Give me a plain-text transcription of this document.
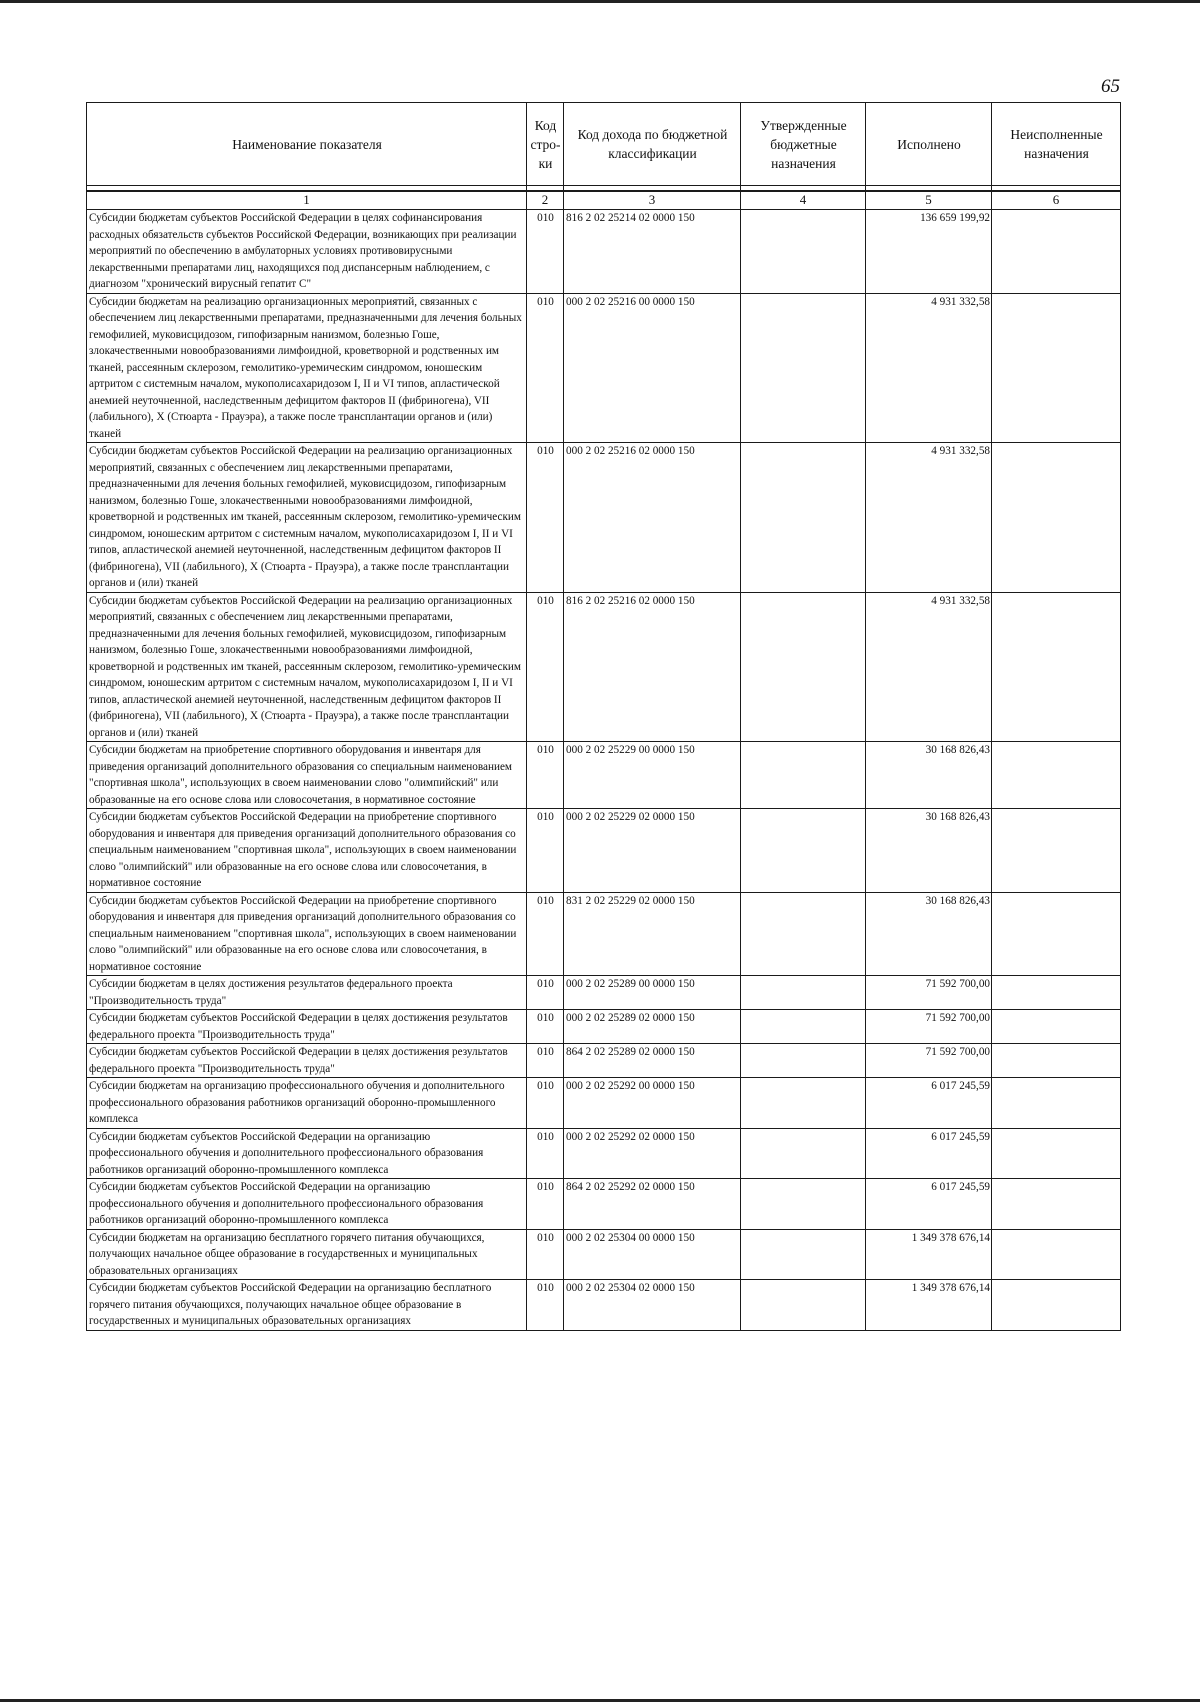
65
Наименование показателя	Код стро- ки	Код дохода по бюджетной классификации	Утвержденные бюджетные назначения	Исполнено	Неисполненные назначения

1	2	3	4	5	6
Субсидии бюджетам субъектов Российской Федерации в целях софинансирования расходных обязательств субъектов Российской Федерации, возникающих при реализации мероприятий по обеспечению в амбулаторных условиях противовирусными лекарственными препаратами лиц, находящихся под диспансерным наблюдением, с диагнозом "хронический вирусный гепатит С"	010	816 2 02 25214 02 0000 150		136 659 199,92	
Субсидии бюджетам на реализацию организационных мероприятий, связанных с обеспечением лиц лекарственными препаратами, предназначенными для лечения больных гемофилией, муковисцидозом, гипофизарным нанизмом, болезнью Гоше, злокачественными новообразованиями лимфоидной, кроветворной и родственных им тканей, рассеянным склерозом, гемолитико-уремическим синдромом, юношеским артритом с системным началом, мукополисахаридозом I, II и VI типов, апластической анемией неуточненной, наследственным дефицитом факторов II (фибриногена), VII (лабильного), X (Стюарта - Прауэра), а также после трансплантации органов и (или) тканей	010	000 2 02 25216 00 0000 150		4 931 332,58	
Субсидии бюджетам субъектов Российской Федерации на реализацию организационных мероприятий, связанных с обеспечением лиц лекарственными препаратами, предназначенными для лечения больных гемофилией, муковисцидозом, гипофизарным нанизмом, болезнью Гоше, злокачественными новообразованиями лимфоидной, кроветворной и родственных им тканей, рассеянным склерозом, гемолитико-уремическим синдромом, юношеским артритом с системным началом, мукополисахаридозом I, II и VI типов, апластической анемией неуточненной, наследственным дефицитом факторов II (фибриногена), VII (лабильного), X (Стюарта - Прауэра), а также после трансплантации органов и (или) тканей	010	000 2 02 25216 02 0000 150		4 931 332,58	
Субсидии бюджетам субъектов Российской Федерации на реализацию организационных мероприятий, связанных с обеспечением лиц лекарственными препаратами, предназначенными для лечения больных гемофилией, муковисцидозом, гипофизарным нанизмом, болезнью Гоше, злокачественными новообразованиями лимфоидной, кроветворной и родственных им тканей, рассеянным склерозом, гемолитико-уремическим синдромом, юношеским артритом с системным началом, мукополисахаридозом I, II и VI типов, апластической анемией неуточненной, наследственным дефицитом факторов II (фибриногена), VII (лабильного), X (Стюарта - Прауэра), а также после трансплантации органов и (или) тканей	010	816 2 02 25216 02 0000 150		4 931 332,58	
Субсидии бюджетам на приобретение спортивного оборудования и инвентаря для приведения организаций дополнительного образования со специальным наименованием "спортивная школа", использующих в своем наименовании слово "олимпийский" или образованные на его основе слова или словосочетания, в нормативное состояние	010	000 2 02 25229 00 0000 150		30 168 826,43	
Субсидии бюджетам субъектов Российской Федерации на приобретение спортивного оборудования и инвентаря для приведения организаций дополнительного образования со специальным наименованием "спортивная школа", использующих в своем наименовании слово "олимпийский" или образованные на его основе слова или словосочетания, в нормативное состояние	010	000 2 02 25229 02 0000 150		30 168 826,43	
Субсидии бюджетам субъектов Российской Федерации на приобретение спортивного оборудования и инвентаря для приведения организаций дополнительного образования со специальным наименованием "спортивная школа", использующих в своем наименовании слово "олимпийский" или образованные на его основе слова или словосочетания, в нормативное состояние	010	831 2 02 25229 02 0000 150		30 168 826,43	
Субсидии бюджетам в целях достижения результатов федерального проекта "Производительность труда"	010	000 2 02 25289 00 0000 150		71 592 700,00	
Субсидии бюджетам субъектов Российской Федерации в целях достижения результатов федерального проекта "Производительность труда"	010	000 2 02 25289 02 0000 150		71 592 700,00	
Субсидии бюджетам субъектов Российской Федерации в целях достижения результатов федерального проекта "Производительность труда"	010	864 2 02 25289 02 0000 150		71 592 700,00	
Субсидии бюджетам на организацию профессионального обучения и дополнительного профессионального образования работников организаций оборонно-промышленного комплекса	010	000 2 02 25292 00 0000 150		6 017 245,59	
Субсидии бюджетам субъектов Российской Федерации на организацию профессионального обучения и дополнительного профессионального образования работников организаций оборонно-промышленного комплекса	010	000 2 02 25292 02 0000 150		6 017 245,59	
Субсидии бюджетам субъектов Российской Федерации на организацию профессионального обучения и дополнительного профессионального образования работников организаций оборонно-промышленного комплекса	010	864 2 02 25292 02 0000 150		6 017 245,59	
Субсидии бюджетам на организацию бесплатного горячего питания обучающихся, получающих начальное общее образование в государственных и муниципальных образовательных организациях	010	000 2 02 25304 00 0000 150		1 349 378 676,14	
Субсидии бюджетам субъектов Российской Федерации на организацию бесплатного горячего питания обучающихся, получающих начальное общее образование в государственных и муниципальных образовательных организациях	010	000 2 02 25304 02 0000 150		1 349 378 676,14	
